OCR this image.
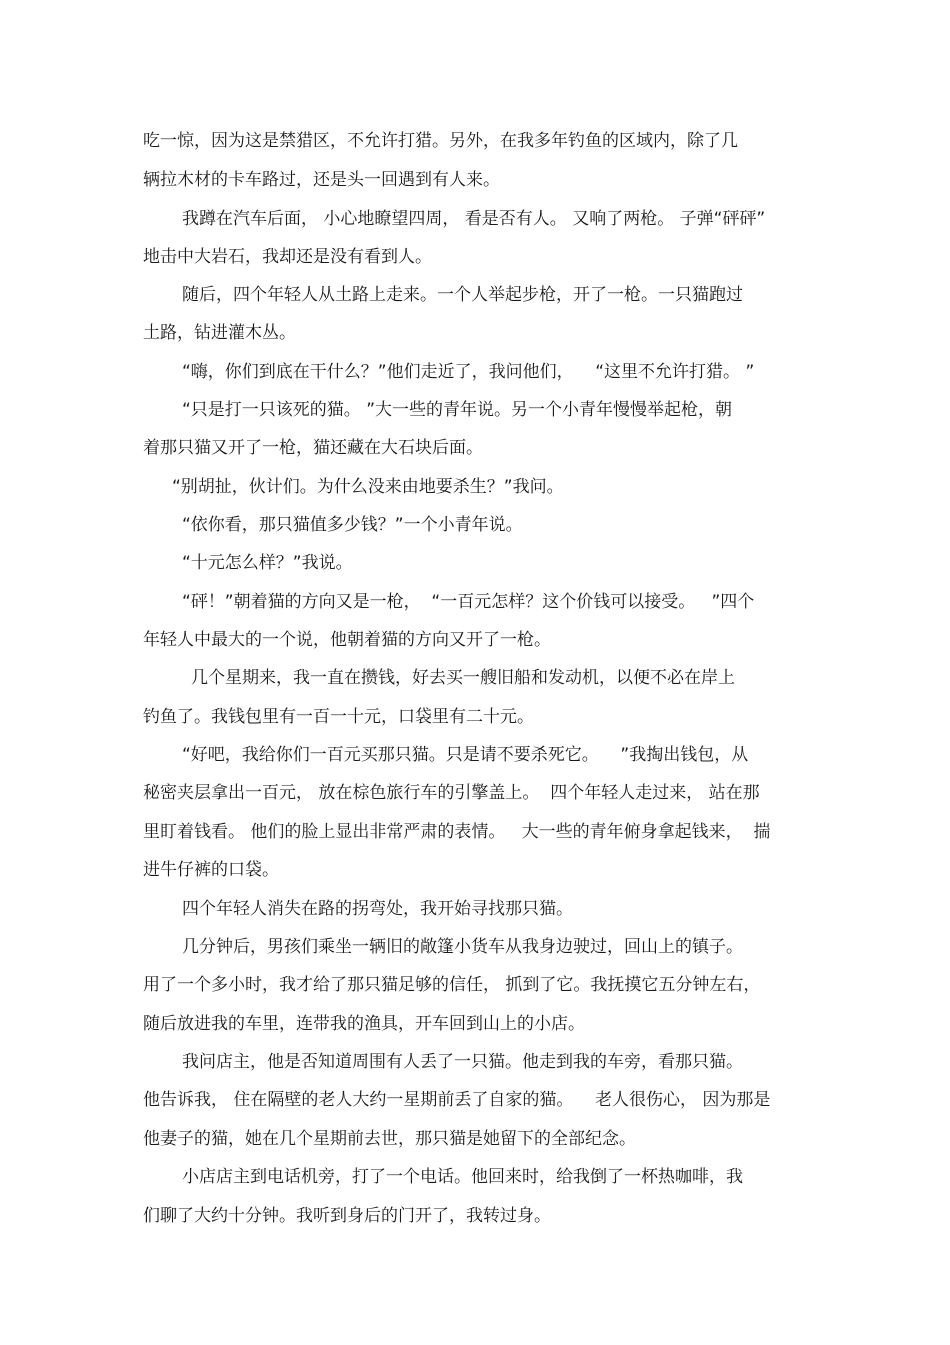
吃一惊，因为这是禁猎区，不允许打猎。另外，在我多年钓鱼的区域内，除了几

辆拉木材的卡车路过，还是头一回遇到有人来。

我蹲在汽车后面， 小心地瞭望四周， 看是否有人。 又响了两枪。 子弹“砰砰”

地击中大岩石，我却还是没有看到人。

随后，四个年轻人从土路上走来。一个人举起步枪，开了一枪。一只猫跑过

土路，钻进灌木丛。

“嗨，你们到底在干什么？”他们走近了，我问他们，    “这里不允许打猎。 ”

“只是打一只该死的猫。 ”大一些的青年说。另一个小青年慢慢举起枪，朝

着那只猫又开了一枪，猫还藏在大石块后面。

“别胡扯，伙计们。为什么没来由地要杀生？”我问。

“依你看，那只猫值多少钱？”一个小青年说。

“十元怎么样？”我说。

“砰！”朝着猫的方向又是一枪，  “一百元怎样？这个价钱可以接受。   ”四个

年轻人中最大的一个说，他朝着猫的方向又开了一枪。

几个星期来，我一直在攒钱，好去买一艘旧船和发动机，以便不必在岸上

钓鱼了。我钱包里有一百一十元，口袋里有二十元。

“好吧，我给你们一百元买那只猫。只是请不要杀死它。    ”我掏出钱包，从

秘密夹层拿出一百元， 放在棕色旅行车的引擎盖上。  四个年轻人走过来， 站在那

里盯着钱看。 他们的脸上显出非常严肃的表情。   大一些的青年俯身拿起钱来，  揣

进牛仔裤的口袋。

四个年轻人消失在路的拐弯处，我开始寻找那只猫。

几分钟后，男孩们乘坐一辆旧的敞篷小货车从我身边驶过，回山上的镇子。

用了一个多小时，我才给了那只猫足够的信任， 抓到了它。我抚摸它五分钟左右，

随后放进我的车里，连带我的渔具，开车回到山上的小店。

我问店主，他是否知道周围有人丢了一只猫。他走到我的车旁，看那只猫。

他告诉我， 住在隔壁的老人大约一星期前丢了自家的猫。    老人很伤心， 因为那是

他妻子的猫，她在几个星期前去世，那只猫是她留下的全部纪念。

小店店主到电话机旁，打了一个电话。他回来时，给我倒了一杯热咖啡，我

们聊了大约十分钟。我听到身后的门开了，我转过身。
